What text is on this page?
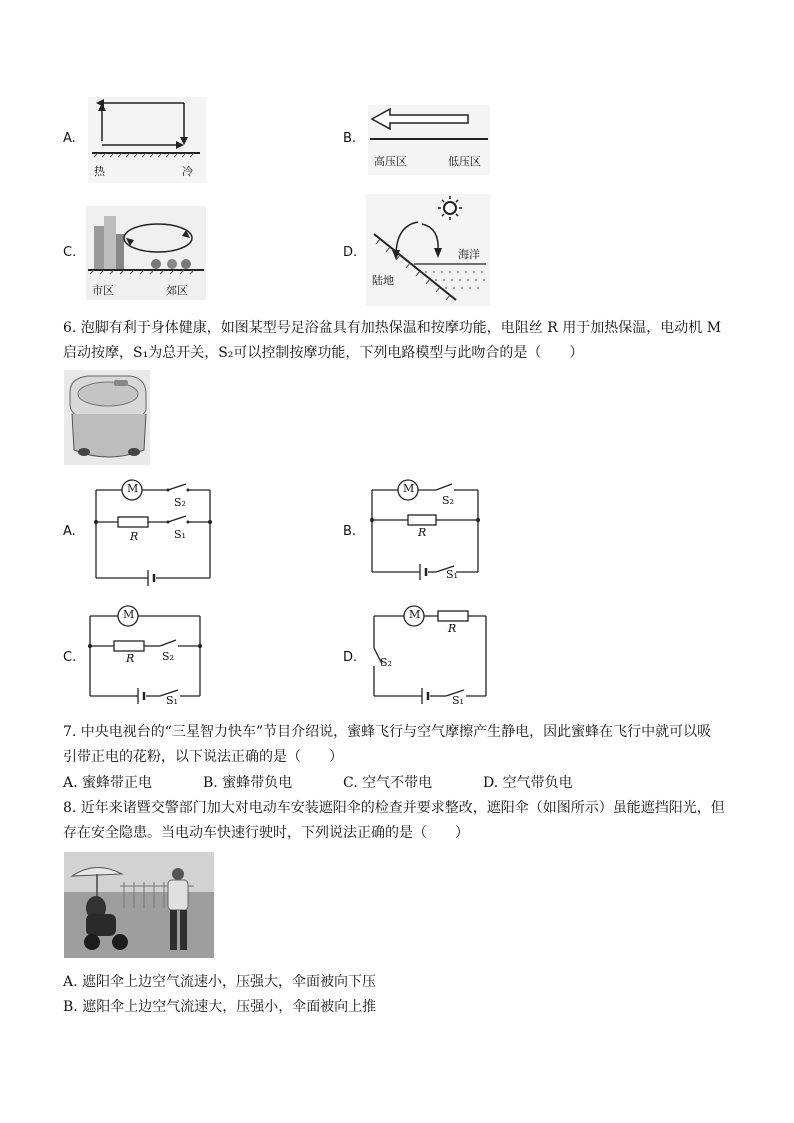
A.
热	冷
B.
高压区	低压区
C.
市区	郊区
D.	海洋
陆地
6. 泡脚有利于身体健康，如图某型号足浴盆具有加热保温和按摩功能，电阻丝 R 用于加热保温，电动机 M
启动按摩，S₁为总开关，S₂可以控制按摩功能，下列电路模型与此吻合的是（　　）
A.
M
S₂
R	S₁	B.
M
S₂
R
S₁
C.
M
R	S₂
S₁
D.
M
R
S₂
S₁
7. 中央电视台的“三星智力快车”节目介绍说，蜜蜂飞行与空气摩擦产生静电，因此蜜蜂在飞行中就可以吸
引带正电的花粉，以下说法正确的是（　　）
A. 蜜蜂带正电	B. 蜜蜂带负电	C. 空气不带电	D. 空气带负电
8. 近年来诸暨交警部门加大对电动车安装遮阳伞的检查并要求整改，遮阳伞（如图所示）虽能遮挡阳光，但
存在安全隐患。当电动车快速行驶时，下列说法正确的是（　　）
A. 遮阳伞上边空气流速小，压强大，伞面被向下压
B. 遮阳伞上边空气流速大，压强小，伞面被向上推
